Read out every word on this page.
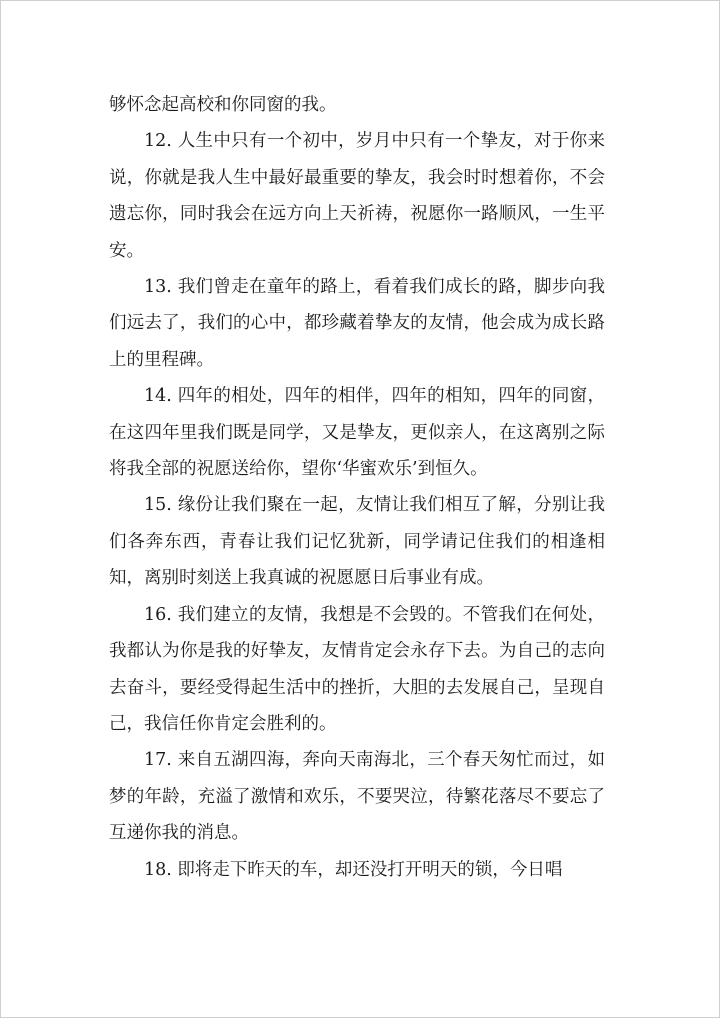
够怀念起高校和你同窗的我。

12. 人生中只有一个初中，岁月中只有一个挚友，对于你来说，你就是我人生中最好最重要的挚友，我会时时想着你，不会遗忘你，同时我会在远方向上天祈祷，祝愿你一路顺风，一生平安。

13. 我们曾走在童年的路上，看着我们成长的路，脚步向我们远去了，我们的心中，都珍藏着挚友的友情，他会成为成长路上的里程碑。

14. 四年的相处，四年的相伴，四年的相知，四年的同窗，在这四年里我们既是同学，又是挚友，更似亲人，在这离别之际将我全部的祝愿送给你，望你‘华蜜欢乐’到恒久。

15. 缘份让我们聚在一起，友情让我们相互了解，分别让我们各奔东西，青春让我们记忆犹新，同学请记住我们的相逢相知，离别时刻送上我真诚的祝愿愿日后事业有成。

16. 我们建立的友情，我想是不会毁的。不管我们在何处，我都认为你是我的好挚友，友情肯定会永存下去。为自己的志向去奋斗，要经受得起生活中的挫折，大胆的去发展自己，呈现自己，我信任你肯定会胜利的。

17. 来自五湖四海，奔向天南海北，三个春天匆忙而过，如梦的年龄，充溢了激情和欢乐，不要哭泣，待繁花落尽不要忘了互递你我的消息。

18. 即将走下昨天的车，却还没打开明天的锁，今日唱
